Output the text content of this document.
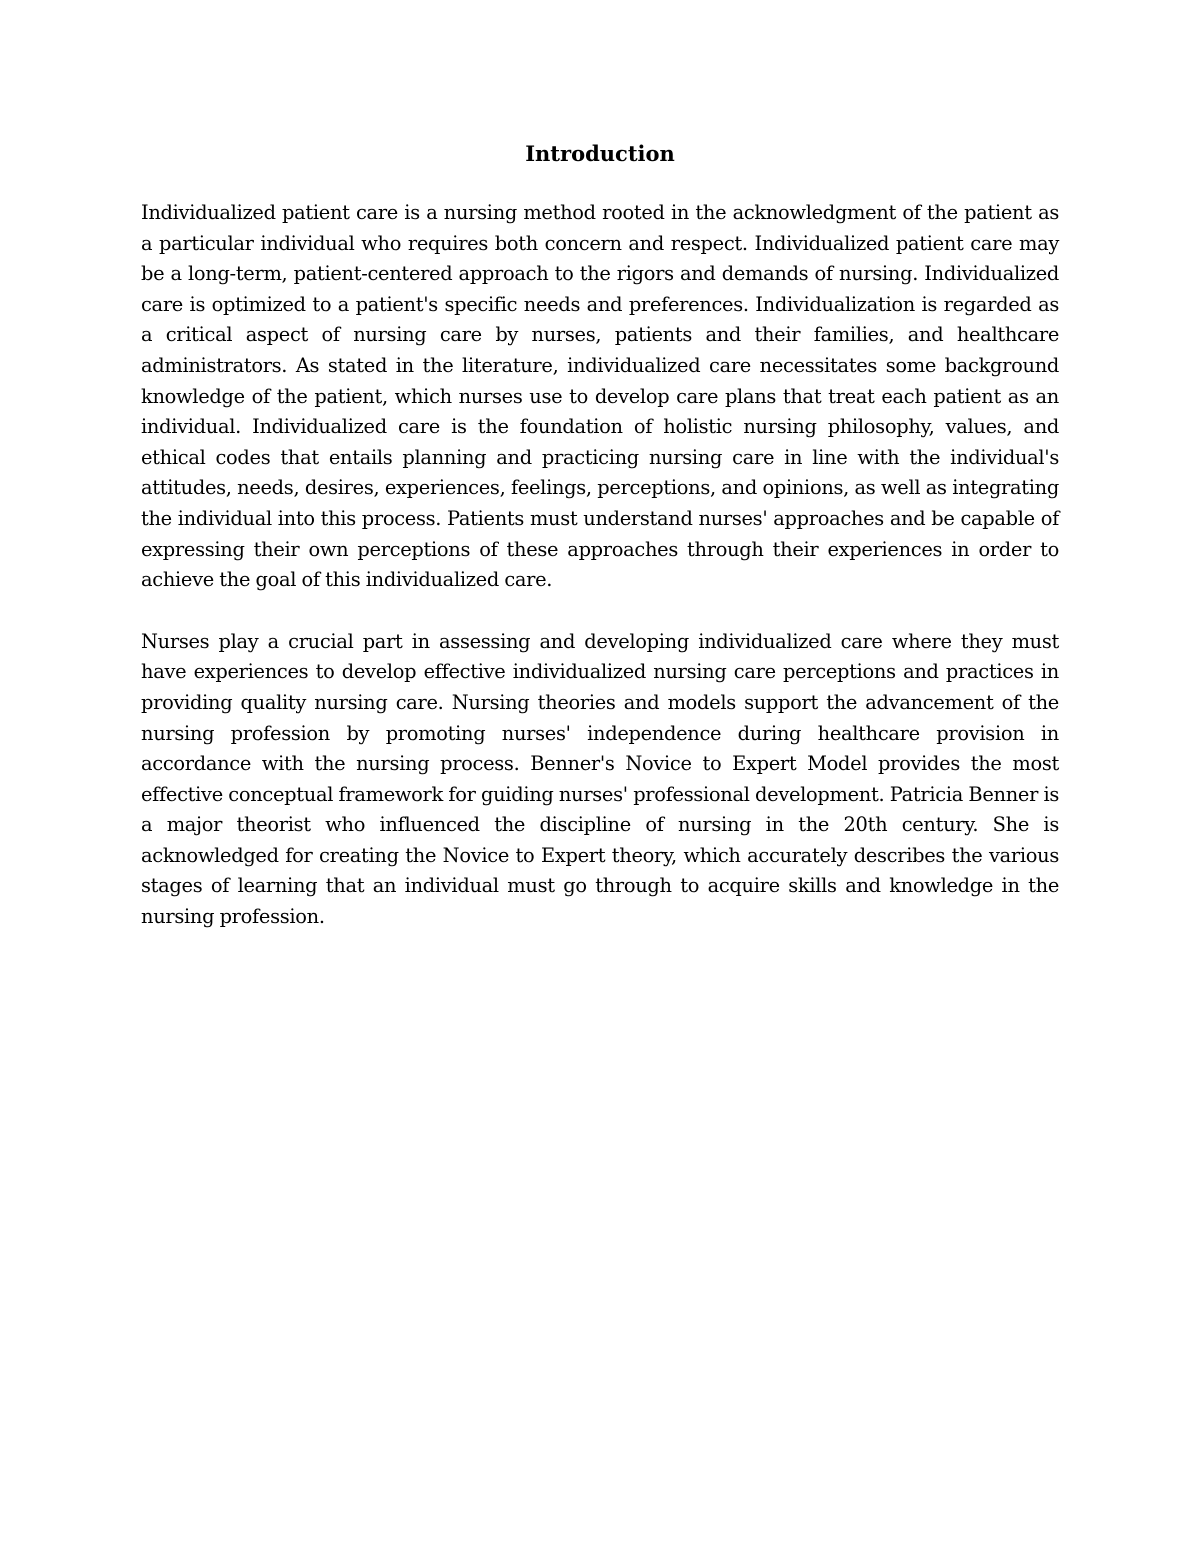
Introduction

Individualized patient care is a nursing method rooted in the acknowledgment of the patient as a particular individual who requires both concern and respect. Individualized patient care may be a long-term, patient-centered approach to the rigors and demands of nursing. Individualized care is optimized to a patient's specific needs and preferences. Individualization is regarded as a critical aspect of nursing care by nurses, patients and their families, and healthcare administrators. As stated in the literature, individualized care necessitates some background knowledge of the patient, which nurses use to develop care plans that treat each patient as an individual. Individualized care is the foundation of holistic nursing philosophy, values, and ethical codes that entails planning and practicing nursing care in line with the individual's attitudes, needs, desires, experiences, feelings, perceptions, and opinions, as well as integrating the individual into this process. Patients must understand nurses' approaches and be capable of expressing their own perceptions of these approaches through their experiences in order to achieve the goal of this individualized care.

Nurses play a crucial part in assessing and developing individualized care where they must have experiences to develop effective individualized nursing care perceptions and practices in providing quality nursing care. Nursing theories and models support the advancement of the nursing profession by promoting nurses' independence during healthcare provision in accordance with the nursing process. Benner's Novice to Expert Model provides the most effective conceptual framework for guiding nurses' professional development. Patricia Benner is a major theorist who influenced the discipline of nursing in the 20th century. She is acknowledged for creating the Novice to Expert theory, which accurately describes the various stages of learning that an individual must go through to acquire skills and knowledge in the nursing profession.
